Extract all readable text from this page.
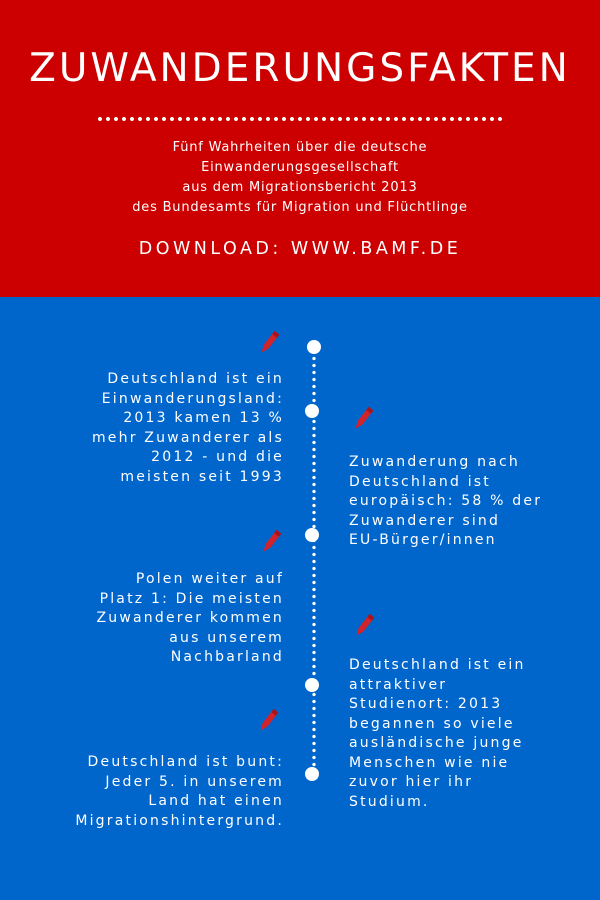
ZUWANDERUNGSFAKTEN
Fünf Wahrheiten über die deutsche
Einwanderungsgesellschaft
aus dem Migrationsbericht 2013
des Bundesamts für Migration und Flüchtlinge
DOWNLOAD: WWW.BAMF.DE
Deutschland ist ein
Einwanderungsland:
2013 kamen 13 %
mehr Zuwanderer als
2012 - und die
meisten seit 1993
Zuwanderung nach
Deutschland ist
europäisch: 58 % der
Zuwanderer sind
EU-Bürger/innen
Polen weiter auf
Platz 1: Die meisten
Zuwanderer kommen
aus unserem
Nachbarland	Deutschland ist ein
attraktiver
Studienort: 2013
begannen so viele
ausländische junge
Menschen wie nie
zuvor hier ihr
Studium.
Deutschland ist bunt:
Jeder 5. in unserem
Land hat einen
Migrationshintergrund.
